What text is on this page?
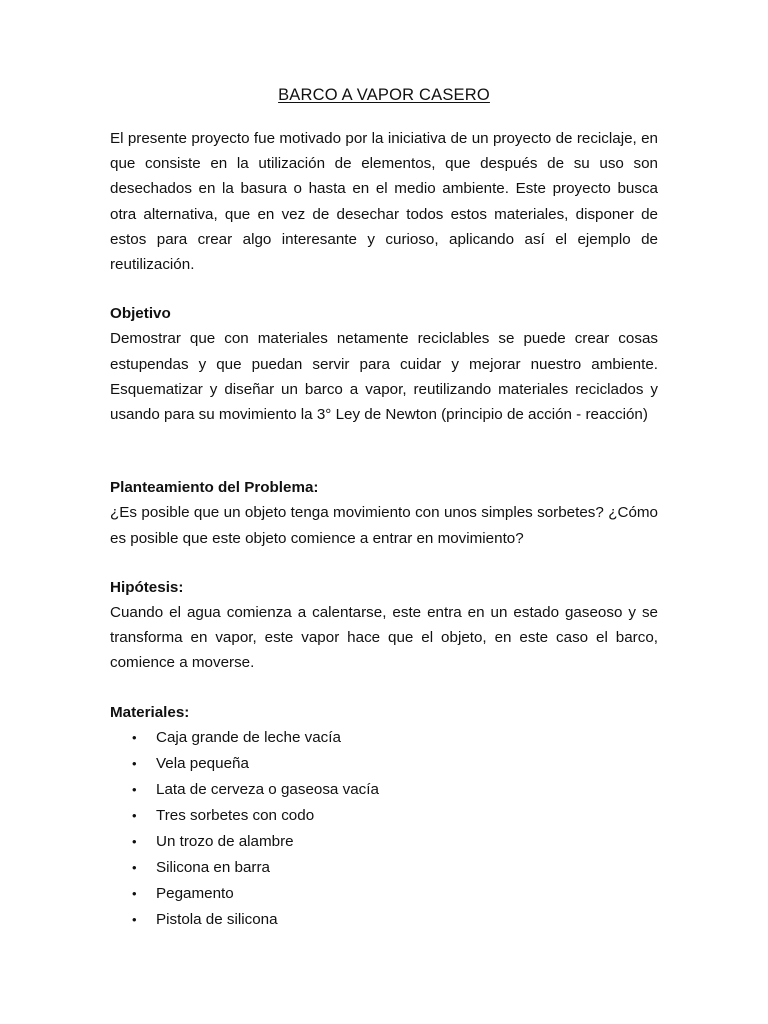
BARCO A VAPOR CASERO

El presente proyecto fue motivado por la iniciativa de un proyecto de reciclaje, en que consiste en la utilización de elementos, que después de su uso son desechados en la basura o hasta en el medio ambiente. Este proyecto busca otra alternativa, que en vez de desechar todos estos materiales, disponer de estos para crear algo interesante y curioso, aplicando así el ejemplo de reutilización.

Objetivo

Demostrar que con materiales netamente reciclables se puede crear cosas estupendas y que puedan servir para cuidar y mejorar nuestro ambiente. Esquematizar y diseñar un barco a vapor, reutilizando materiales reciclados y usando para su movimiento la 3° Ley de Newton (principio de acción - reacción)

Planteamiento del Problema:

¿Es posible que un objeto tenga movimiento con unos simples sorbetes? ¿Cómo es posible que este objeto comience a entrar en movimiento?

Hipótesis:

Cuando el agua comienza a calentarse, este entra en un estado gaseoso y se transforma en vapor, este vapor hace que el objeto, en este caso el barco, comience a moverse.

Materiales:

• Caja grande de leche vacía
• Vela pequeña
• Lata de cerveza o gaseosa vacía
• Tres sorbetes con codo
• Un trozo de alambre
• Silicona en barra
• Pegamento
• Pistola de silicona
